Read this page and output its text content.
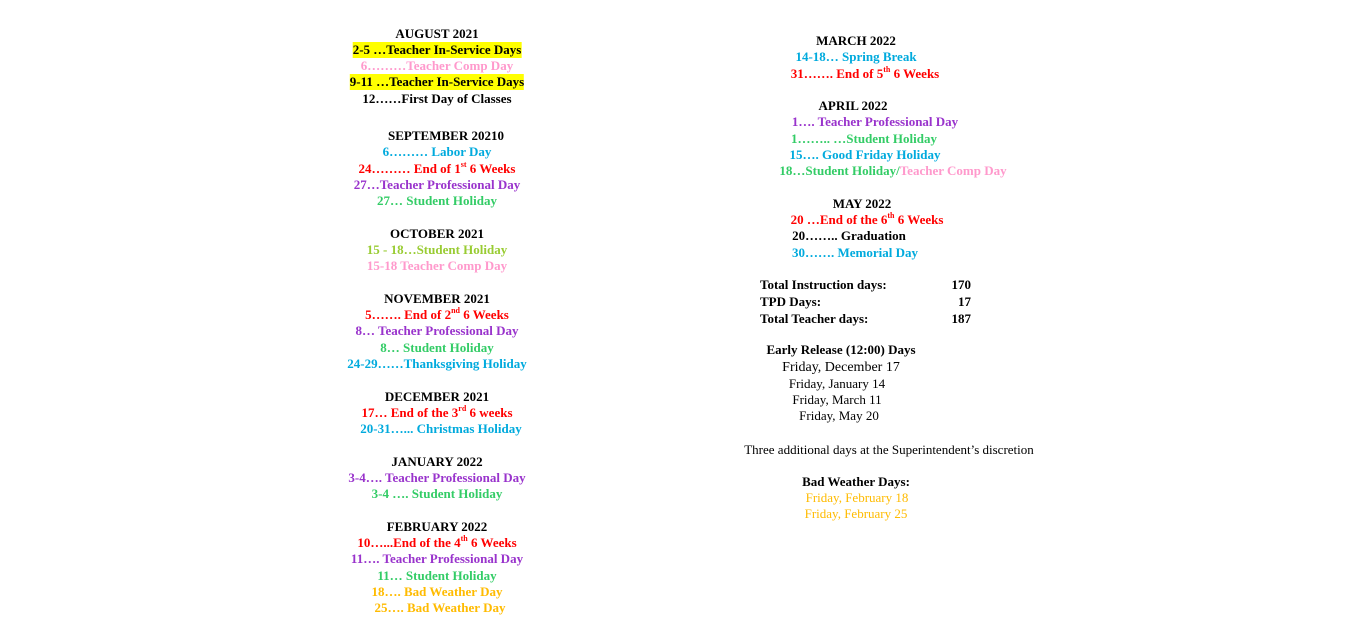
AUGUST 2021
2-5 …Teacher In-Service Days
6………Teacher Comp Day
9-11 …Teacher In-Service Days
12……First Day of Classes
SEPTEMBER 20210
6……… Labor Day
24……… End of 1st 6 Weeks
27…Teacher Professional Day
27… Student Holiday
OCTOBER 2021
15 - 18…Student Holiday
15-18 Teacher Comp Day
NOVEMBER 2021
5……. End of 2nd 6 Weeks
8… Teacher Professional Day
8… Student Holiday
24-29……Thanksgiving Holiday
DECEMBER 2021
17… End of the 3rd 6 weeks
20-31…... Christmas Holiday
JANUARY 2022
3-4…. Teacher Professional Day
3-4 …. Student Holiday
FEBRUARY 2022
10…...End of the 4th 6 Weeks
11…. Teacher Professional Day
11… Student Holiday
18…. Bad Weather Day
25…. Bad Weather Day
MARCH 2022
14-18… Spring Break
31……. End of 5th 6 Weeks
APRIL 2022
1…. Teacher Professional Day
1…….. …Student Holiday
15…. Good Friday Holiday
18…Student Holiday/Teacher Comp Day
MAY 2022
20 …End of the 6th 6 Weeks
20…….. Graduation
30……. Memorial Day
Total Instruction days:	170
TPD Days:	17
Total Teacher days:	187
Early Release (12:00) Days
Friday, December 17
Friday, January 14
Friday, March 11
Friday, May 20
Three additional days at the Superintendent’s discretion
Bad Weather Days:
Friday, February 18
Friday, February 25
